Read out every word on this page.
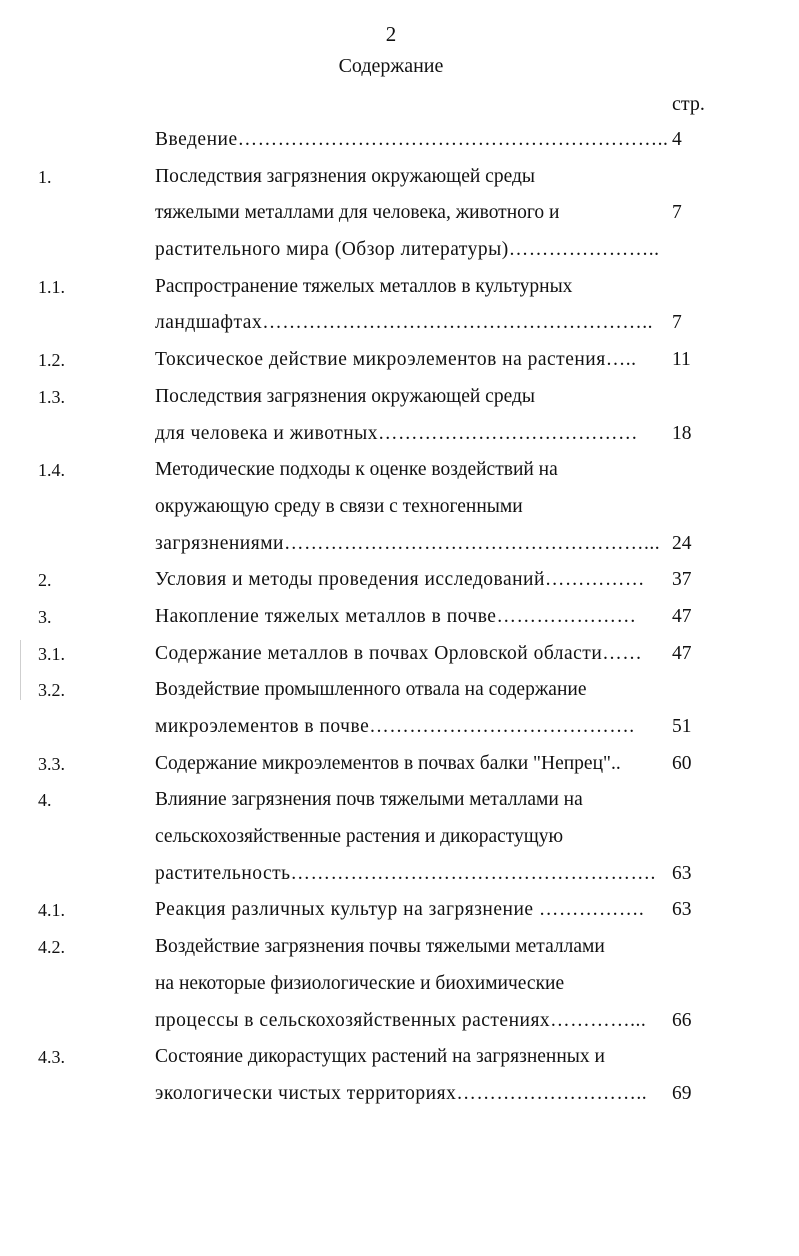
2
Содержание
стр.
Введение……………………………………………………….. 4
1.	Последствия загрязнения окружающей среды
тяжелыми металлами для человека, животного и	7
растительного мира (Обзор литературы)…………………..
1.1.	Распространение тяжелых металлов в культурных
ландшафтах………………………………………………….. 7
1.2.	Токсическое действие микроэлементов на растения….. 11
1.3.	Последствия загрязнения окружающей среды
для человека и животных………………………………… 18
1.4.	Методические подходы к оценке воздействий на
окружающую среду в связи с техногенными
загрязнениями………………………………………………... 24
2.	Условия и методы проведения исследований…………… 37
3.	Накопление тяжелых металлов в почве………………… 47
3.1.	Содержание металлов в почвах Орловской области…… 47
3.2.	Воздействие промышленного отвала на содержание
микроэлементов в почве…………………………………. 51
3.3.	Содержание микроэлементов в почвах балки "Непрец"..	60
4.	Влияние загрязнения почв тяжелыми металлами на
сельскохозяйственные растения и дикорастущую
растительность………………………………………………. 63
4.1.	Реакция различных культур на загрязнение ……………. 63
4.2.	Воздействие загрязнения почвы тяжелыми металлами
на некоторые физиологические и биохимические
процессы в сельскохозяйственных растениях…………... 66
4.3.	Состояние дикорастущих растений на загрязненных и
экологически чистых территориях……………………….. 69
